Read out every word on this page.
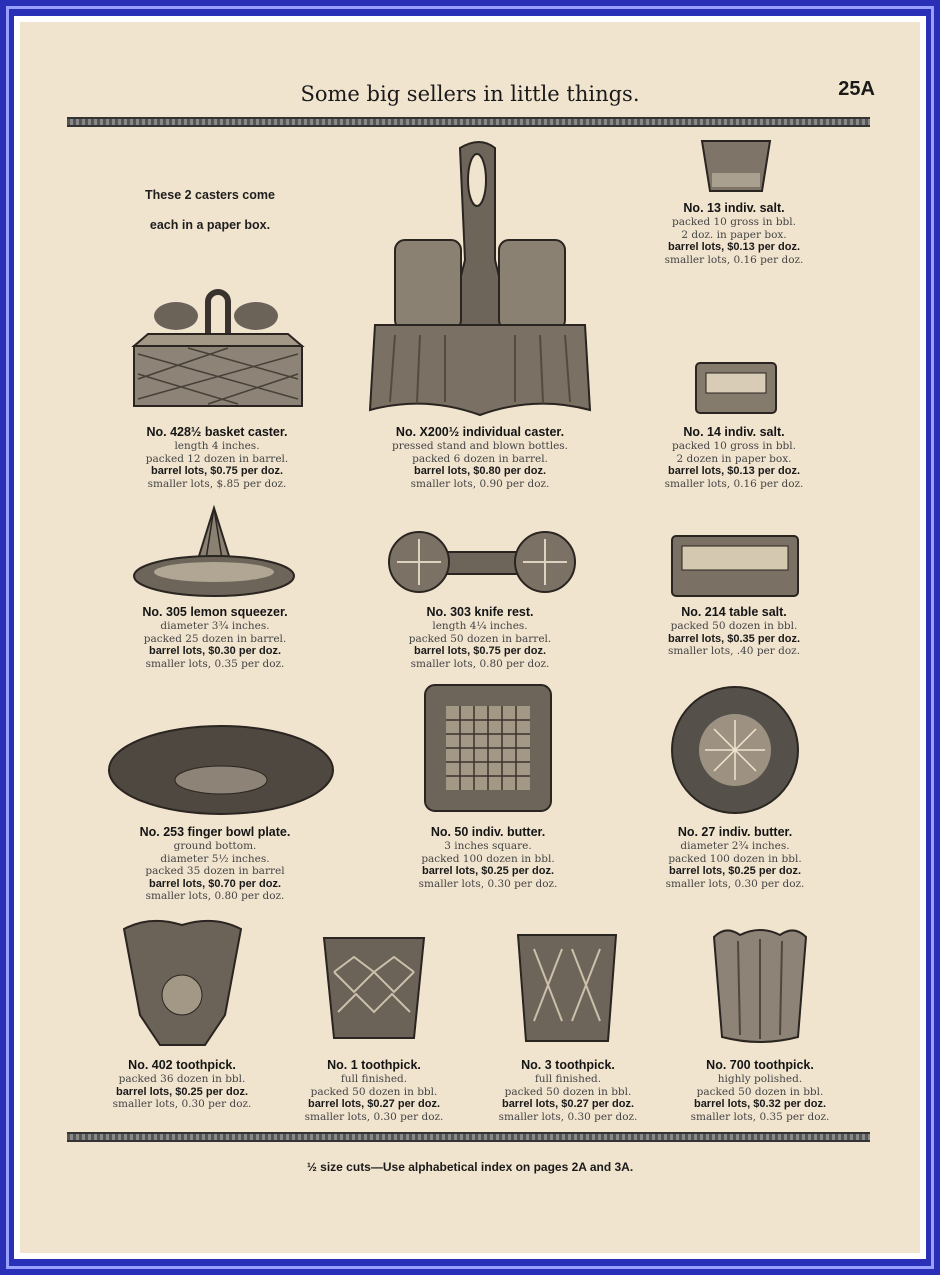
Some big sellers in little things.	25A
These 2 casters come
each in a paper box.
No. 428½ basket caster.
length 4 inches.
packed 12 dozen in barrel.
barrel lots, $0.75 per doz.
smaller lots, $.85 per doz.
No. X200½ individual caster.
pressed stand and blown bottles.
packed 6 dozen in barrel.
barrel lots, $0.80 per doz.
smaller lots, 0.90 per doz.
No. 13 indiv. salt.
packed 10 gross in bbl.
2 doz. in paper box.
barrel lots, $0.13 per doz.
smaller lots, 0.16 per doz.
No. 14 indiv. salt.
packed 10 gross in bbl.
2 dozen in paper box.
barrel lots, $0.13 per doz.
smaller lots, 0.16 per doz.
No. 305 lemon squeezer.
diameter 3¾ inches.
packed 25 dozen in barrel.
barrel lots, $0.30 per doz.
smaller lots, 0.35 per doz.
No. 303 knife rest.
length 4¼ inches.
packed 50 dozen in barrel.
barrel lots, $0.75 per doz.
smaller lots, 0.80 per doz.
No. 214 table salt.
packed 50 dozen in bbl.
barrel lots, $0.35 per doz.
smaller lots, .40 per doz.
No. 253 finger bowl plate.
ground bottom.
diameter 5½ inches.
packed 35 dozen in barrel
barrel lots, $0.70 per doz.
smaller lots, 0.80 per doz.
No. 50 indiv. butter.
3 inches square.
packed 100 dozen in bbl.
barrel lots, $0.25 per doz.
smaller lots, 0.30 per doz.
No. 27 indiv. butter.
diameter 2¾ inches.
packed 100 dozen in bbl.
barrel lots, $0.25 per doz.
smaller lots, 0.30 per doz.
No. 402 toothpick.
packed 36 dozen in bbl.
barrel lots, $0.25 per doz.
smaller lots, 0.30 per doz.
No. 1 toothpick.
full finished.
packed 50 dozen in bbl.
barrel lots, $0.27 per doz.
smaller lots, 0.30 per doz.
No. 3 toothpick.
full finished.
packed 50 dozen in bbl.
barrel lots, $0.27 per doz.
smaller lots, 0.30 per doz.
No. 700 toothpick.
highly polished.
packed 50 dozen in bbl.
barrel lots, $0.32 per doz.
smaller lots, 0.35 per doz.
½ size cuts—Use alphabetical index on pages 2A and 3A.
